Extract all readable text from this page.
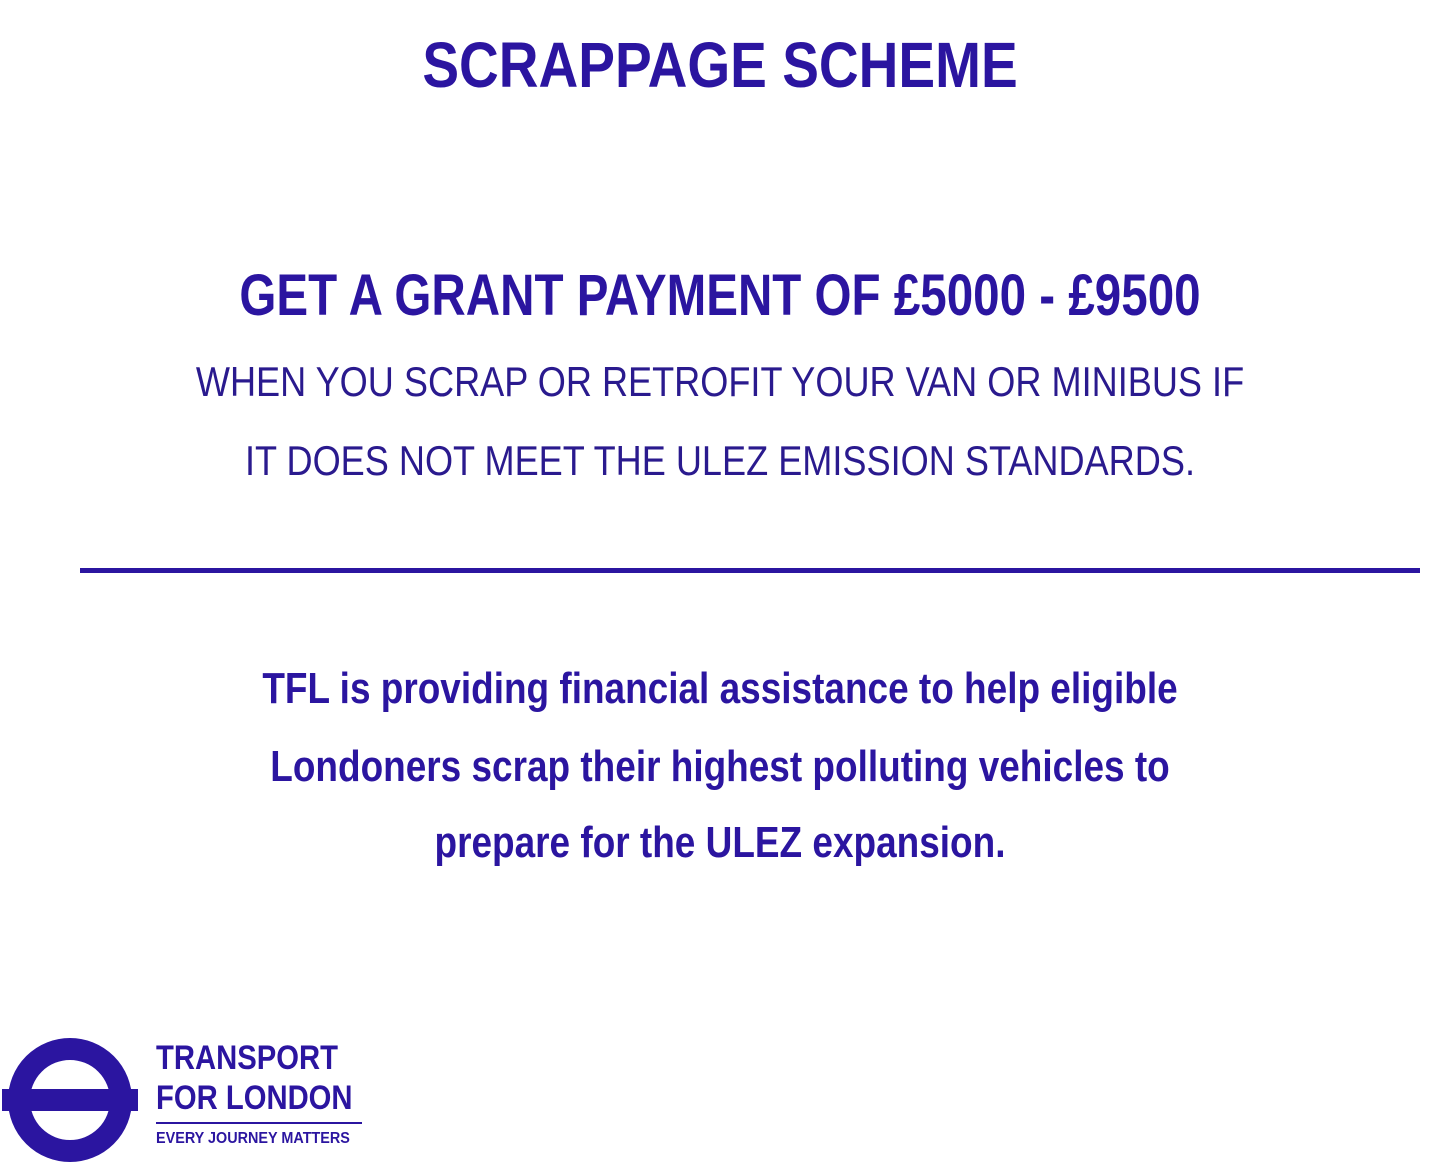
SCRAPPAGE SCHEME
GET A GRANT PAYMENT OF £5000 - £9500

WHEN YOU SCRAP OR RETROFIT YOUR VAN OR MINIBUS IF

IT DOES NOT MEET THE ULEZ EMISSION STANDARDS.

TFL is providing financial assistance to help eligible

Londoners scrap their highest polluting vehicles to

prepare for the ULEZ expansion.

TRANSPORT
FOR LONDON
EVERY JOURNEY MATTERS
